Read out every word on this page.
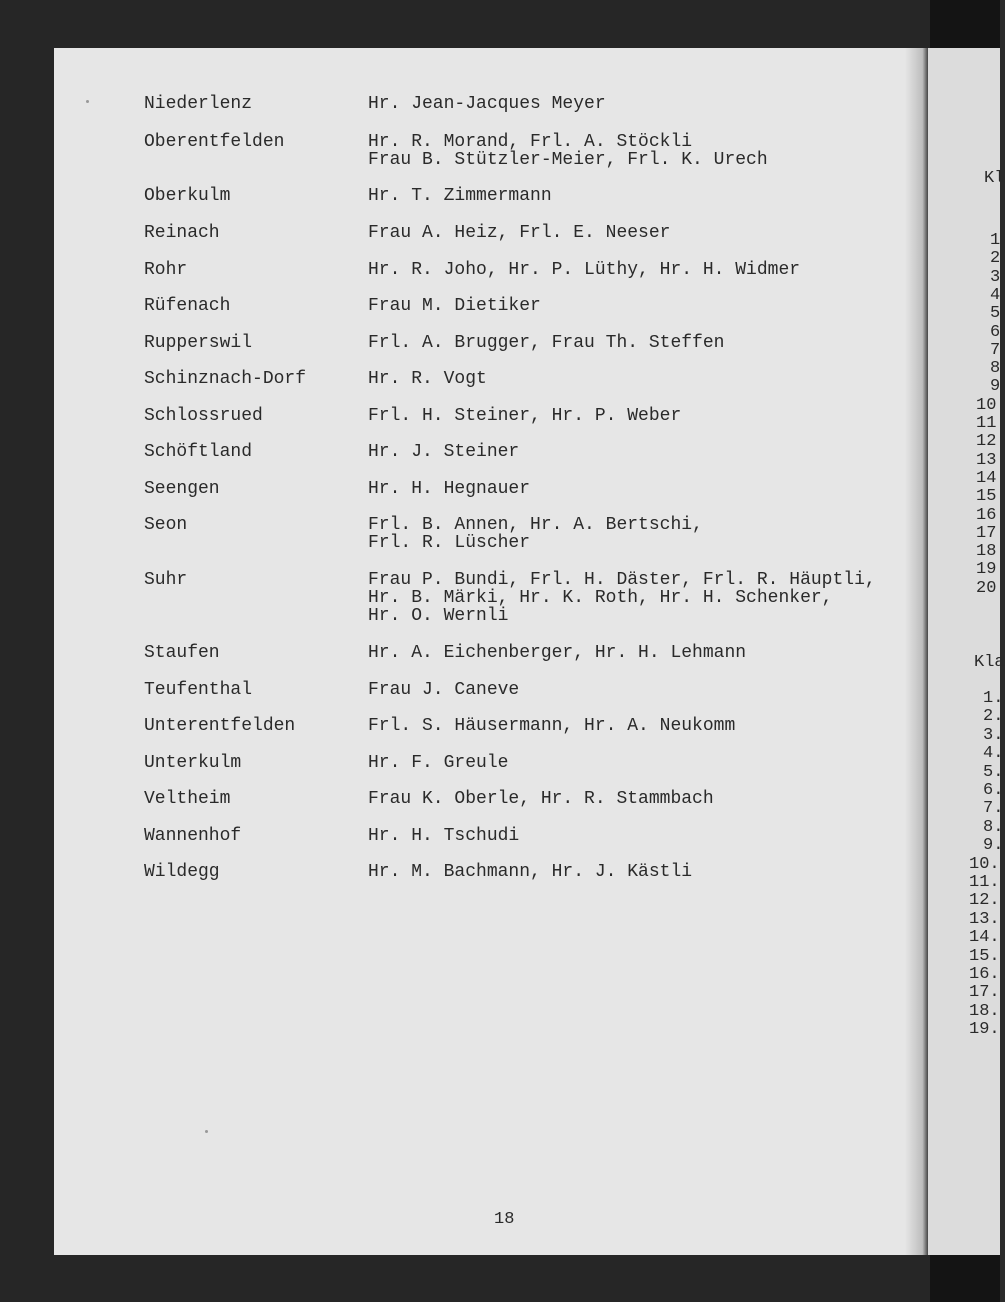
Niederlenz	Hr. Jean-Jacques Meyer
Oberentfelden	Hr. R. Morand, Frl. A. Stöckli
Frau B. Stützler-Meier, Frl. K. Urech
Oberkulm	Hr. T. Zimmermann
Reinach	Frau A. Heiz, Frl. E. Neeser
Rohr	Hr. R. Joho, Hr. P. Lüthy, Hr. H. Widmer
Rüfenach	Frau M. Dietiker
Rupperswil	Frl. A. Brugger, Frau Th. Steffen
Schinznach-Dorf	Hr. R. Vogt
Schlossrued	Frl. H. Steiner, Hr. P. Weber
Schöftland	Hr. J. Steiner
Seengen	Hr. H. Hegnauer
Seon	Frl. B. Annen, Hr. A. Bertschi,
Frl. R. Lüscher
Suhr	Frau P. Bundi, Frl. H. Däster, Frl. R. Häuptli,
Hr. B. Märki, Hr. K. Roth, Hr. H. Schenker,
Hr. O. Wernli
Staufen	Hr. A. Eichenberger, Hr. H. Lehmann
Teufenthal	Frau J. Caneve
Unterentfelden	Frl. S. Häusermann, Hr. A. Neukomm
Unterkulm	Hr. F. Greule
Veltheim	Frau K. Oberle, Hr. R. Stammbach
Wannenhof	Hr. H. Tschudi
Wildegg	Hr. M. Bachmann, Hr. J. Kästli
18
Kl
1
2
3
4
5
6
7
8
9
10
11
12
13
14
15
16
17
18
19
20
Kla
1.
2.
3.
4.
5.
6.
7.
8.
9.
10.
11.
12.
13.
14.
15.
16.
17.
18.
19.
